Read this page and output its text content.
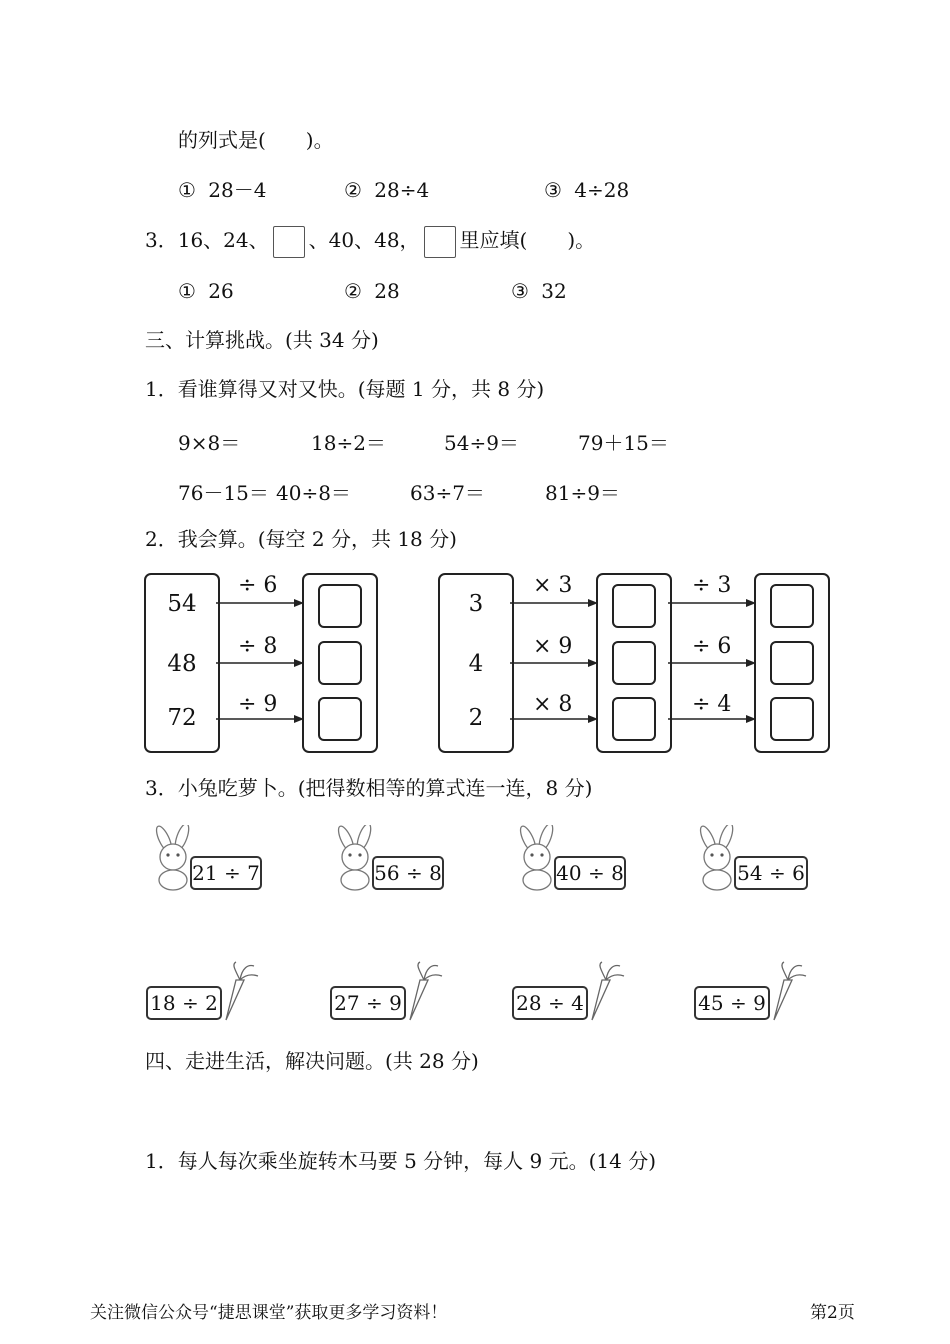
的列式是(　　)。
① 28－4	② 28÷4	③ 4÷28
3．16、24、 、40、48， 里应填(　　)。
① 26	② 28	③ 32
三、计算挑战。(共 34 分)
1．看谁算得又对又快。(每题 1 分，共 8 分)
9×8＝	18÷2＝	54÷9＝	79＋15＝
76－15＝ 40÷8＝	63÷7＝	81÷9＝
2．我会算。(每空 2 分，共 18 分)
54
48
72
÷ 6
÷ 8
÷ 9
3
4
2
× 3
× 9
× 8
÷ 3
÷ 6
÷ 4
3．小兔吃萝卜。(把得数相等的算式连一连，8 分)
21 ÷ 7	56 ÷ 8	40 ÷ 8	54 ÷ 6
18 ÷ 2	27 ÷ 9	28 ÷ 4	45 ÷ 9
四、走进生活，解决问题。(共 28 分)
1．每人每次乘坐旋转木马要 5 分钟，每人 9 元。(14 分)
关注微信公众号“捷思课堂”获取更多学习资料！	第2页
